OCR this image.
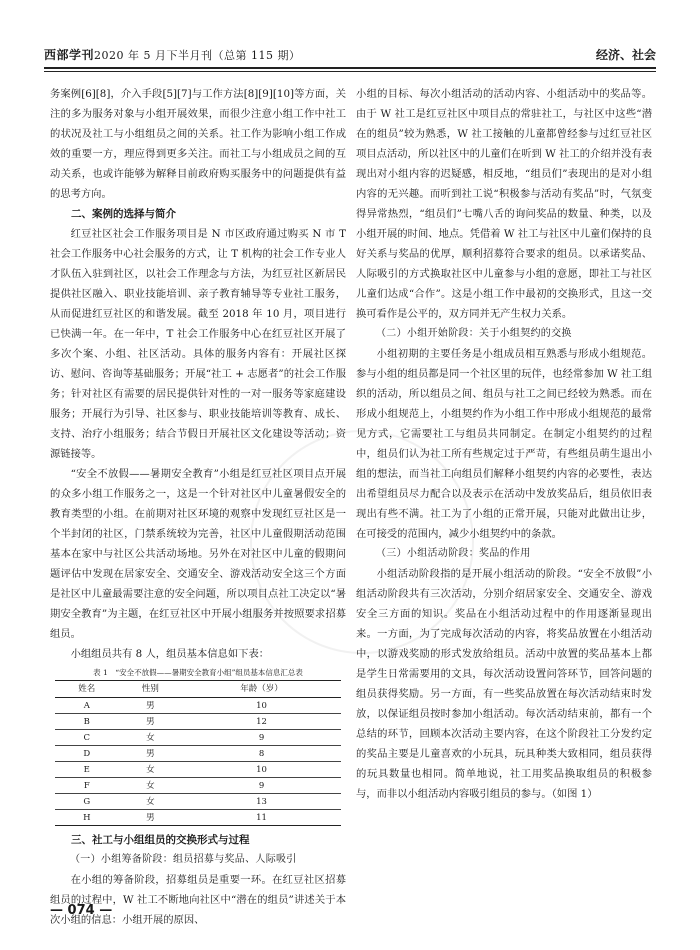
西部学刊2020 年 5 月下半月刊（总第 115 期）	经济、社会

务案例[6][8]，介入手段[5][7]与工作方法[8][9][10]等方面，关注的多为服务对象与小组开展效果，而很少注意小组工作中社工的状况及社工与小组组员之间的关系。社工作为影响小组工作成效的重要一方，理应得到更多关注。而社工与小组成员之间的互动关系，也或许能够为解释目前政府购买服务中的问题提供有益的思考方向。

二、案例的选择与简介

红豆社区社会工作服务项目是 N 市区政府通过购买 N 市 T 社会工作服务中心社会服务的方式，让 T 机构的社会工作专业人才队伍入驻到社区，以社会工作理念与方法，为红豆社区新居民提供社区融入、职业技能培训、亲子教育辅导等专业社工服务，从而促进红豆社区的和谐发展。截至 2018 年 10 月，项目进行已快满一年。在一年中，T 社会工作服务中心在红豆社区开展了多次个案、小组、社区活动。具体的服务内容有：开展社区探访、慰问、咨询等基础服务；开展“社工 + 志愿者”的社会工作服务；针对社区有需要的居民提供针对性的一对一服务等家庭建设服务；开展行为引导、社区参与、职业技能培训等教育、成长、支持、治疗小组服务；结合节假日开展社区文化建设等活动；资源链接等。

“安全不放假——暑期安全教育”小组是红豆社区项目点开展的众多小组工作服务之一，这是一个针对社区中儿童暑假安全的教育类型的小组。在前期对社区环境的观察中发现红豆社区是一个半封闭的社区，门禁系统较为完善，社区中儿童假期活动范围基本在家中与社区公共活动场地。另外在对社区中儿童的假期问题评估中发现在居家安全、交通安全、游戏活动安全这三个方面是社区中儿童最需要注意的安全问题，所以项目点社工决定以“暑期安全教育”为主题，在红豆社区中开展小组服务并按照要求招募组员。

小组组员共有 8 人，组员基本信息如下表：

表 1　“安全不放假——暑期安全教育小组”组员基本信息汇总表
姓名	性别	年龄（岁）
A	男	10
B	男	12
C	女	9
D	男	8
E	女	10
F	女	9
G	女	13
H	男	11

三、社工与小组组员的交换形式与过程

（一）小组筹备阶段：组员招募与奖品、人际吸引

在小组的筹备阶段，招募组员是重要一环。在红豆社区招募组员的过程中，W 社工不断地向社区中“潜在的组员”讲述关于本次小组的信息：小组开展的原因、

小组的目标、每次小组活动的活动内容、小组活动中的奖品等。由于 W 社工是红豆社区中项目点的常驻社工，与社区中这些“潜在的组员”较为熟悉，W 社工接触的儿童都曾经参与过红豆社区项目点活动，所以社区中的儿童们在听到 W 社工的介绍并没有表现出对小组内容的迟疑感，相反地，“组员们”表现出的是对小组内容的无兴趣。而听到社工说“积极参与活动有奖品”时，气氛变得异常热烈，“组员们”七嘴八舌的询问奖品的数量、种类，以及小组开展的时间、地点。凭借着 W 社工与社区中儿童们保持的良好关系与奖品的优厚，顺利招募符合要求的组员。以承诺奖品、人际吸引的方式换取社区中儿童参与小组的意愿，即社工与社区儿童们达成“合作”。这是小组工作中最初的交换形式，且这一交换可看作是公平的，双方同并无产生权力关系。

（二）小组开始阶段：关于小组契约的交换

小组初期的主要任务是小组成员相互熟悉与形成小组规范。参与小组的组员都是同一个社区里的玩伴，也经常参加 W 社工组织的活动，所以组员之间、组员与社工之间已经较为熟悉。而在形成小组规范上，小组契约作为小组工作中形成小组规范的最常见方式，它需要社工与组员共同制定。在制定小组契约的过程中，组员们认为社工所有些规定过于严苛，有些组员萌生退出小组的想法，而当社工向组员们解释小组契约内容的必要性，表达出希望组员尽力配合以及表示在活动中发放奖品后，组员依旧表现出有些不满。社工为了小组的正常开展，只能对此做出让步，在可接受的范围内，减少小组契约中的条款。

（三）小组活动阶段：奖品的作用

小组活动阶段指的是开展小组活动的阶段。“安全不放假”小组活动阶段共有三次活动，分别介绍居家安全、交通安全、游戏安全三方面的知识。奖品在小组活动过程中的作用逐渐显现出来。一方面，为了完成每次活动的内容，将奖品放置在小组活动中，以游戏奖励的形式发放给组员。活动中放置的奖品基本上都是学生日常需要用的文具，每次活动设置问答环节，回答问题的组员获得奖励。另一方面，有一些奖品放置在每次活动结束时发放，以保证组员按时参加小组活动。每次活动结束前，都有一个总结的环节，回顾本次活动主要内容，在这个阶段社工分发约定的奖品主要是儿童喜欢的小玩具，玩具种类大致相同，组员获得的玩具数量也相同。简单地说，社工用奖品换取组员的积极参与，而非以小组活动内容吸引组员的参与。（如图 1）

— 074 —
